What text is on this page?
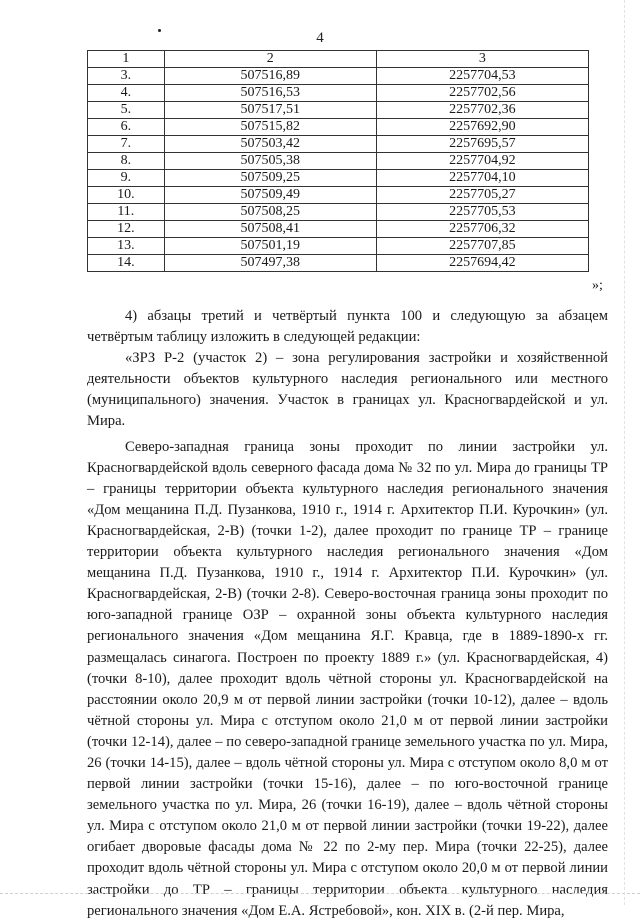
4
1	2	3
3.	507516,89	2257704,53
4.	507516,53	2257702,56
5.	507517,51	2257702,36
6.	507515,82	2257692,90
7.	507503,42	2257695,57
8.	507505,38	2257704,92
9.	507509,25	2257704,10
10.	507509,49	2257705,27
11.	507508,25	2257705,53
12.	507508,41	2257706,32
13.	507501,19	2257707,85
14.	507497,38	2257694,42
»;

4) абзацы третий и четвёртый пункта 100 и следующую за абзацем четвёртым таблицу изложить в следующей редакции:

«ЗРЗ Р-2 (участок 2) – зона регулирования застройки и хозяйственной деятельности объектов культурного наследия регионального или местного (муниципального) значения. Участок в границах ул. Красногвардейской и ул. Мира.

Северо-западная граница зоны проходит по линии застройки ул. Красногвардейской вдоль северного фасада дома № 32 по ул. Мира до границы ТР – границы территории объекта культурного наследия регионального значения «Дом мещанина П.Д. Пузанкова, 1910 г., 1914 г. Архитектор П.И. Курочкин» (ул. Красногвардейская, 2-В) (точки 1-2), далее проходит по границе ТР – границе территории объекта культурного наследия регионального значения «Дом мещанина П.Д. Пузанкова, 1910 г., 1914 г. Архитектор П.И. Курочкин» (ул. Красногвардейская, 2-В) (точки 2-8). Северо-восточная граница зоны проходит по юго-западной границе ОЗР – охранной зоны объекта культурного наследия регионального значения «Дом мещанина Я.Г. Кравца, где в 1889-1890-х гг. размещалась синагога. Построен по проекту 1889 г.» (ул. Красногвардейская, 4) (точки 8-10), далее проходит вдоль чётной стороны ул. Красногвардейской на расстоянии около 20,9 м от первой линии застройки (точки 10-12), далее – вдоль чётной стороны ул. Мира с отступом около 21,0 м от первой линии застройки (точки 12-14), далее – по северо-западной границе земельного участка по ул. Мира, 26 (точки 14-15), далее – вдоль чётной стороны ул. Мира с отступом около 8,0 м от первой линии застройки (точки 15-16), далее – по юго-восточной границе земельного участка по ул. Мира, 26 (точки 16-19), далее – вдоль чётной стороны ул. Мира с отступом около 21,0 м от первой линии застройки (точки 19-22), далее огибает дворовые фасады дома № 22 по 2-му пер. Мира (точки 22-25), далее проходит вдоль чётной стороны ул. Мира с отступом около 20,0 м от первой линии застройки до ТР – границы территории объекта культурного наследия регионального значения «Дом Е.А. Ястребовой», кон. XIX в. (2-й пер. Мира,
